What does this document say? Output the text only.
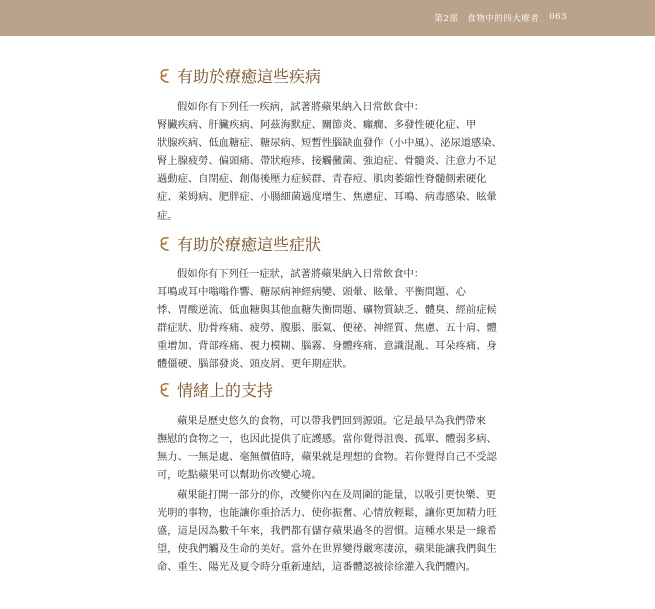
第2部　食物中的四大療者 063
有助於療癒這些疾病

假如你有下列任一疾病，試著將蘋果納入日常飲食中：
腎臟疾病、肝臟疾病、阿茲海默症、關節炎、癲癇、多發性硬化症、甲
狀腺疾病、低血糖症、糖尿病、短暫性腦缺血發作（小中風）、泌尿道感染、
腎上腺疲勞、偏頭痛、帶狀疱疹、接觸黴菌、強迫症、骨髓炎、注意力不足
過動症、自閉症、創傷後壓力症候群、青春痘、肌肉萎縮性脊髓側索硬化
症、萊姆病、肥胖症、小腸細菌過度增生、焦慮症、耳鳴、病毒感染、眩暈
症。

有助於療癒這些症狀

假如你有下列任一症狀，試著將蘋果納入日常飲食中：
耳鳴或耳中嗡嗡作響、糖尿病神經病變、頭暈、眩暈、平衡問題、心
悸、胃酸逆流、低血糖與其他血糖失衡問題、礦物質缺乏、體臭、經前症候
群症狀、肋骨疼痛、疲勞、腹脹、脹氣、便祕、神經質、焦慮、五十肩、體
重增加、背部疼痛、視力模糊、腦霧、身體疼痛、意識混亂、耳朵疼痛、身
體僵硬、腦部發炎、頭皮屑、更年期症狀。

情緒上的支持

蘋果是歷史悠久的食物，可以帶我們回到源頭。它是最早為我們帶來
撫慰的食物之一，也因此提供了庇護感。當你覺得沮喪、孤單、體弱多病、
無力、一無是處、毫無價值時，蘋果就是理想的食物。若你覺得自己不受認
可，吃點蘋果可以幫助你改變心境。

蘋果能打開一部分的你，改變你內在及周圍的能量，以吸引更快樂、更
光明的事物，也能讓你重拾活力、使你振奮、心情放輕鬆，讓你更加精力旺
盛，這是因為數千年來，我們都有儲存蘋果過冬的習慣。這種水果是一線希
望，使我們觸及生命的美好。當外在世界變得嚴寒淒涼，蘋果能讓我們與生
命、重生、陽光及夏令時分重新連結，這番體認被徐徐灌入我們體內。
